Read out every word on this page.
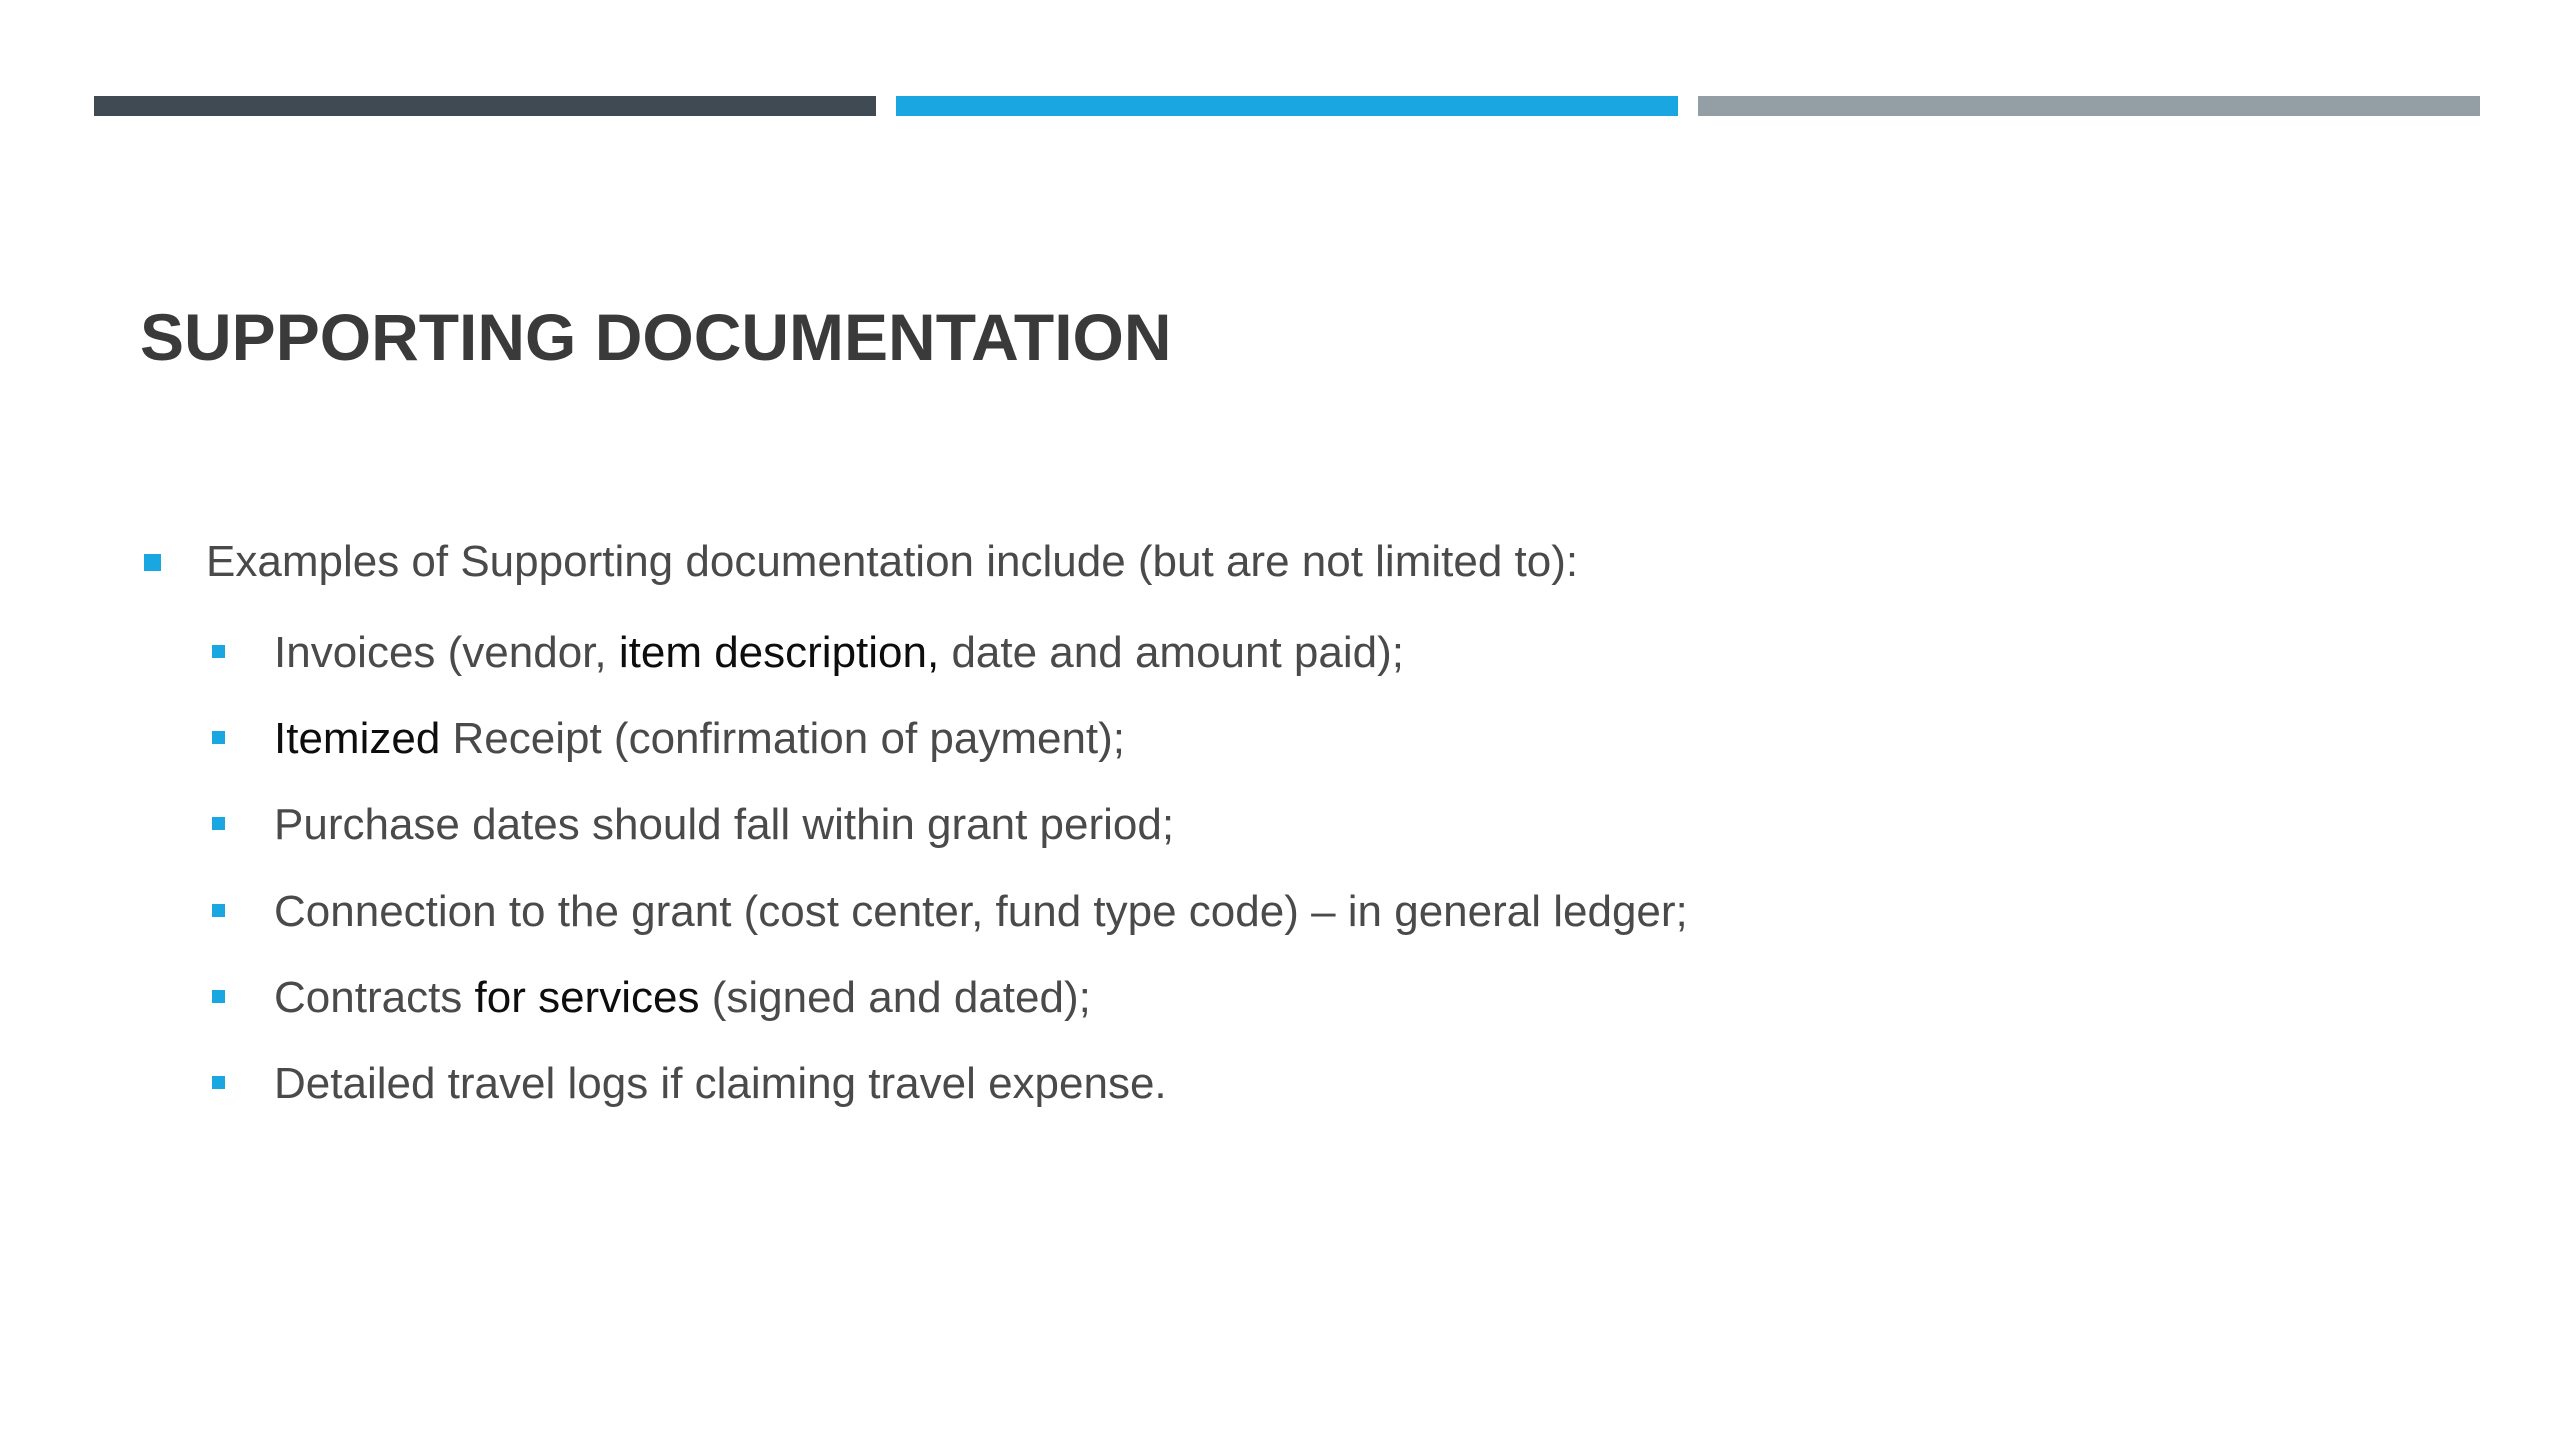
SUPPORTING DOCUMENTATION
Examples of Supporting documentation include (but are not limited to):
Invoices (vendor, item description, date and amount paid);
Itemized Receipt (confirmation of payment);
Purchase dates should fall within grant period;
Connection to the grant (cost center, fund type code) – in general ledger;
Contracts for services (signed and dated);
Detailed travel logs if claiming travel expense.
